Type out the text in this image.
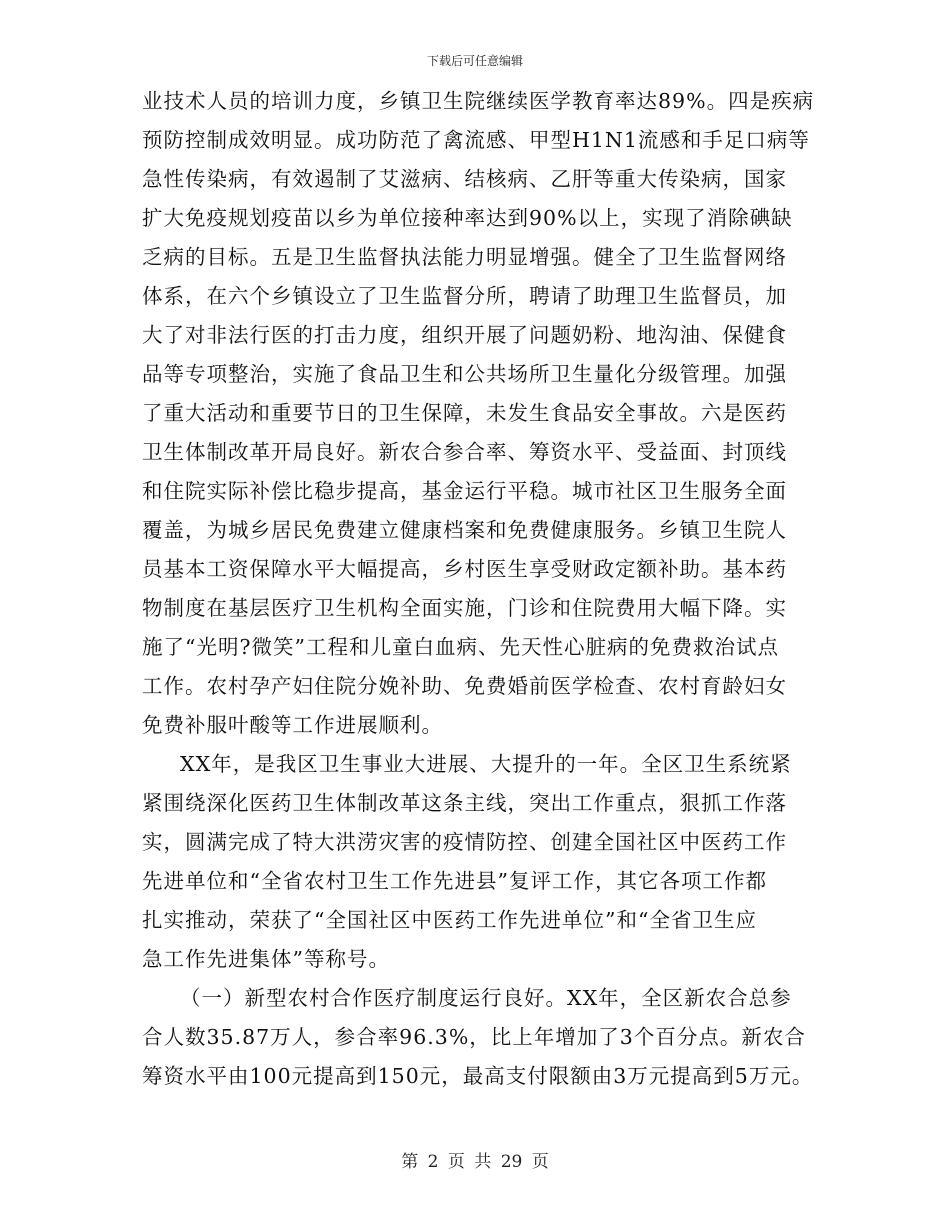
下载后可任意编辑
业技术人员的培训力度，乡镇卫生院继续医学教育率达89%。四是疾病
预防控制成效明显。成功防范了禽流感、甲型H1N1流感和手足口病等
急性传染病，有效遏制了艾滋病、结核病、乙肝等重大传染病，国家
扩大免疫规划疫苗以乡为单位接种率达到90%以上，实现了消除碘缺
乏病的目标。五是卫生监督执法能力明显增强。健全了卫生监督网络
体系，在六个乡镇设立了卫生监督分所，聘请了助理卫生监督员，加
大了对非法行医的打击力度，组织开展了问题奶粉、地沟油、保健食
品等专项整治，实施了食品卫生和公共场所卫生量化分级管理。加强
了重大活动和重要节日的卫生保障，未发生食品安全事故。六是医药
卫生体制改革开局良好。新农合参合率、筹资水平、受益面、封顶线
和住院实际补偿比稳步提高，基金运行平稳。城市社区卫生服务全面
覆盖，为城乡居民免费建立健康档案和免费健康服务。乡镇卫生院人
员基本工资保障水平大幅提高，乡村医生享受财政定额补助。基本药
物制度在基层医疗卫生机构全面实施，门诊和住院费用大幅下降。实
施了“光明?微笑”工程和儿童白血病、先天性心脏病的免费救治试点
工作。农村孕产妇住院分娩补助、免费婚前医学检查、农村育龄妇女
免费补服叶酸等工作进展顺利。
XX年，是我区卫生事业大进展、大提升的一年。全区卫生系统紧
紧围绕深化医药卫生体制改革这条主线，突出工作重点，狠抓工作落
实，圆满完成了特大洪涝灾害的疫情防控、创建全国社区中医药工作
先进单位和“全省农村卫生工作先进县”复评工作，其它各项工作都
扎实推动，荣获了“全国社区中医药工作先进单位”和“全省卫生应
急工作先进集体”等称号。
（一）新型农村合作医疗制度运行良好。XX年，全区新农合总参
合人数35.87万人，参合率96.3%，比上年增加了3个百分点。新农合
筹资水平由100元提高到150元，最高支付限额由3万元提高到5万元。
第 2 页 共 29 页
